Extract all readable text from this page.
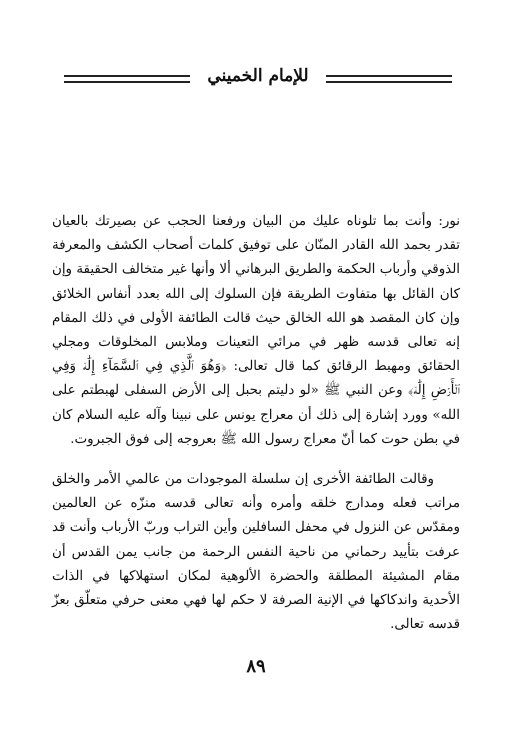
للإمام الخميني

نور: وأنت بما تلوناه عليك من البيان ورفعنا الحجب عن بصيرتك بالعيان تقدر بحمد الله القادر المنّان على توفيق كلمات أصحاب الكشف والمعرفة الذوقي وأرباب الحكمة والطريق البرهاني ألا وأنها غير متخالف الحقيقة وإن كان القائل بها متفاوت الطريقة فإن السلوك إلى الله بعدد أنفاس الخلائق وإن كان المقصد هو الله الخالق حيث قالت الطائفة الأولى في ذلك المقام إنه تعالى قدسه ظهر في مرائي التعينات وملابس المخلوقات ومجلي الحقائق ومهبط الرقائق كما قال تعالى: ﴿وَهُوَ ٱلَّذِي فِي ٱلسَّمَآءِ إِلَٰهٞ وَفِي ٱلۡأَرۡضِ إِلَٰهٞ﴾ وعن النبي ﷺ «لو دليتم بحبل إلى الأرض السفلى لهبطتم على الله» وورد إشارة إلى ذلك أن معراج يونس على نبينا وآله عليه السلام كان في بطن حوت كما أنّ معراج رسول الله ﷺ بعروجه إلى فوق الجبروت.

وقالت الطائفة الأخرى إن سلسلة الموجودات من عالمي الأمر والخلق مراتب فعله ومدارج خلقه وأمره وأنه تعالى قدسه منزّه عن العالمين ومقدّس عن النزول في محفل السافلين وأين التراب وربّ الأرباب وأنت قد عرفت بتأييد رحماني من ناحية النفس الرحمة من جانب يمن القدس أن مقام المشيئة المطلقة والحضرة الألوهية لمكان استهلاكها في الذات الأحدية واندكاكها في الإنية الصرفة لا حكم لها فهي معنى حرفي متعلّق بعزّ قدسه تعالى.

٨٩
